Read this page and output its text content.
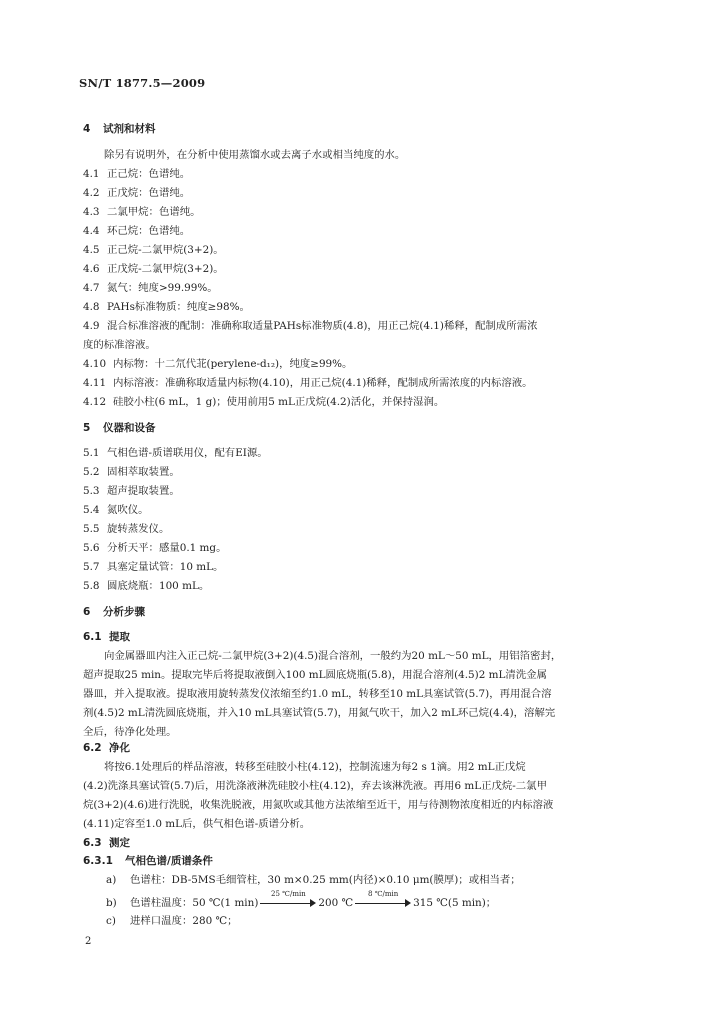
SN/T 1877.5—2009
4 试剂和材料
除另有说明外，在分析中使用蒸馏水或去离子水或相当纯度的水。
4.1 正己烷：色谱纯。
4.2 正戊烷：色谱纯。
4.3 二氯甲烷：色谱纯。
4.4 环己烷：色谱纯。
4.5 正己烷-二氯甲烷(3+2)。
4.6 正戊烷-二氯甲烷(3+2)。
4.7 氮气：纯度>99.99%。
4.8 PAHs标准物质：纯度≥98%。
4.9 混合标准溶液的配制：准确称取适量PAHs标准物质(4.8)，用正己烷(4.1)稀释，配制成所需浓
度的标准溶液。
4.10 内标物：十二氘代苝(perylene-d₁₂)，纯度≥99%。
4.11 内标溶液：准确称取适量内标物(4.10)，用正己烷(4.1)稀释，配制成所需浓度的内标溶液。
4.12 硅胶小柱(6 mL，1 g)；使用前用5 mL正戊烷(4.2)活化，并保持湿润。
5 仪器和设备
5.1 气相色谱-质谱联用仪，配有EI源。
5.2 固相萃取装置。
5.3 超声提取装置。
5.4 氮吹仪。
5.5 旋转蒸发仪。
5.6 分析天平：感量0.1 mg。
5.7 具塞定量试管：10 mL。
5.8 圆底烧瓶：100 mL。
6 分析步骤
6.1 提取
向金属器皿内注入正己烷-二氯甲烷(3+2)(4.5)混合溶剂，一般约为20 mL～50 mL，用铝箔密封，
超声提取25 min。提取完毕后将提取液倒入100 mL圆底烧瓶(5.8)，用混合溶剂(4.5)2 mL清洗金属
器皿，并入提取液。提取液用旋转蒸发仪浓缩至约1.0 mL，转移至10 mL具塞试管(5.7)，再用混合溶
剂(4.5)2 mL清洗圆底烧瓶，并入10 mL具塞试管(5.7)，用氮气吹干，加入2 mL环己烷(4.4)，溶解完
全后，待净化处理。
6.2 净化
将按6.1处理后的样品溶液，转移至硅胶小柱(4.12)，控制流速为每2 s 1滴。用2 mL正戊烷
(4.2)洗涤具塞试管(5.7)后，用洗涤液淋洗硅胶小柱(4.12)，弃去该淋洗液。再用6 mL正戊烷-二氯甲
烷(3+2)(4.6)进行洗脱，收集洗脱液，用氮吹或其他方法浓缩至近干，用与待测物浓度相近的内标溶液
(4.11)定容至1.0 mL后，供气相色谱-质谱分析。
6.3 测定
6.3.1 气相色谱/质谱条件
a) 色谱柱：DB-5MS毛细管柱，30 m×0.25 mm(内径)×0.10 μm(膜厚)；或相当者；
b) 色谱柱温度：50 ℃(1 min)
25 ℃/min
200 ℃
8 ℃/min
315 ℃(5 min)；
c) 进样口温度：280 ℃；
2
